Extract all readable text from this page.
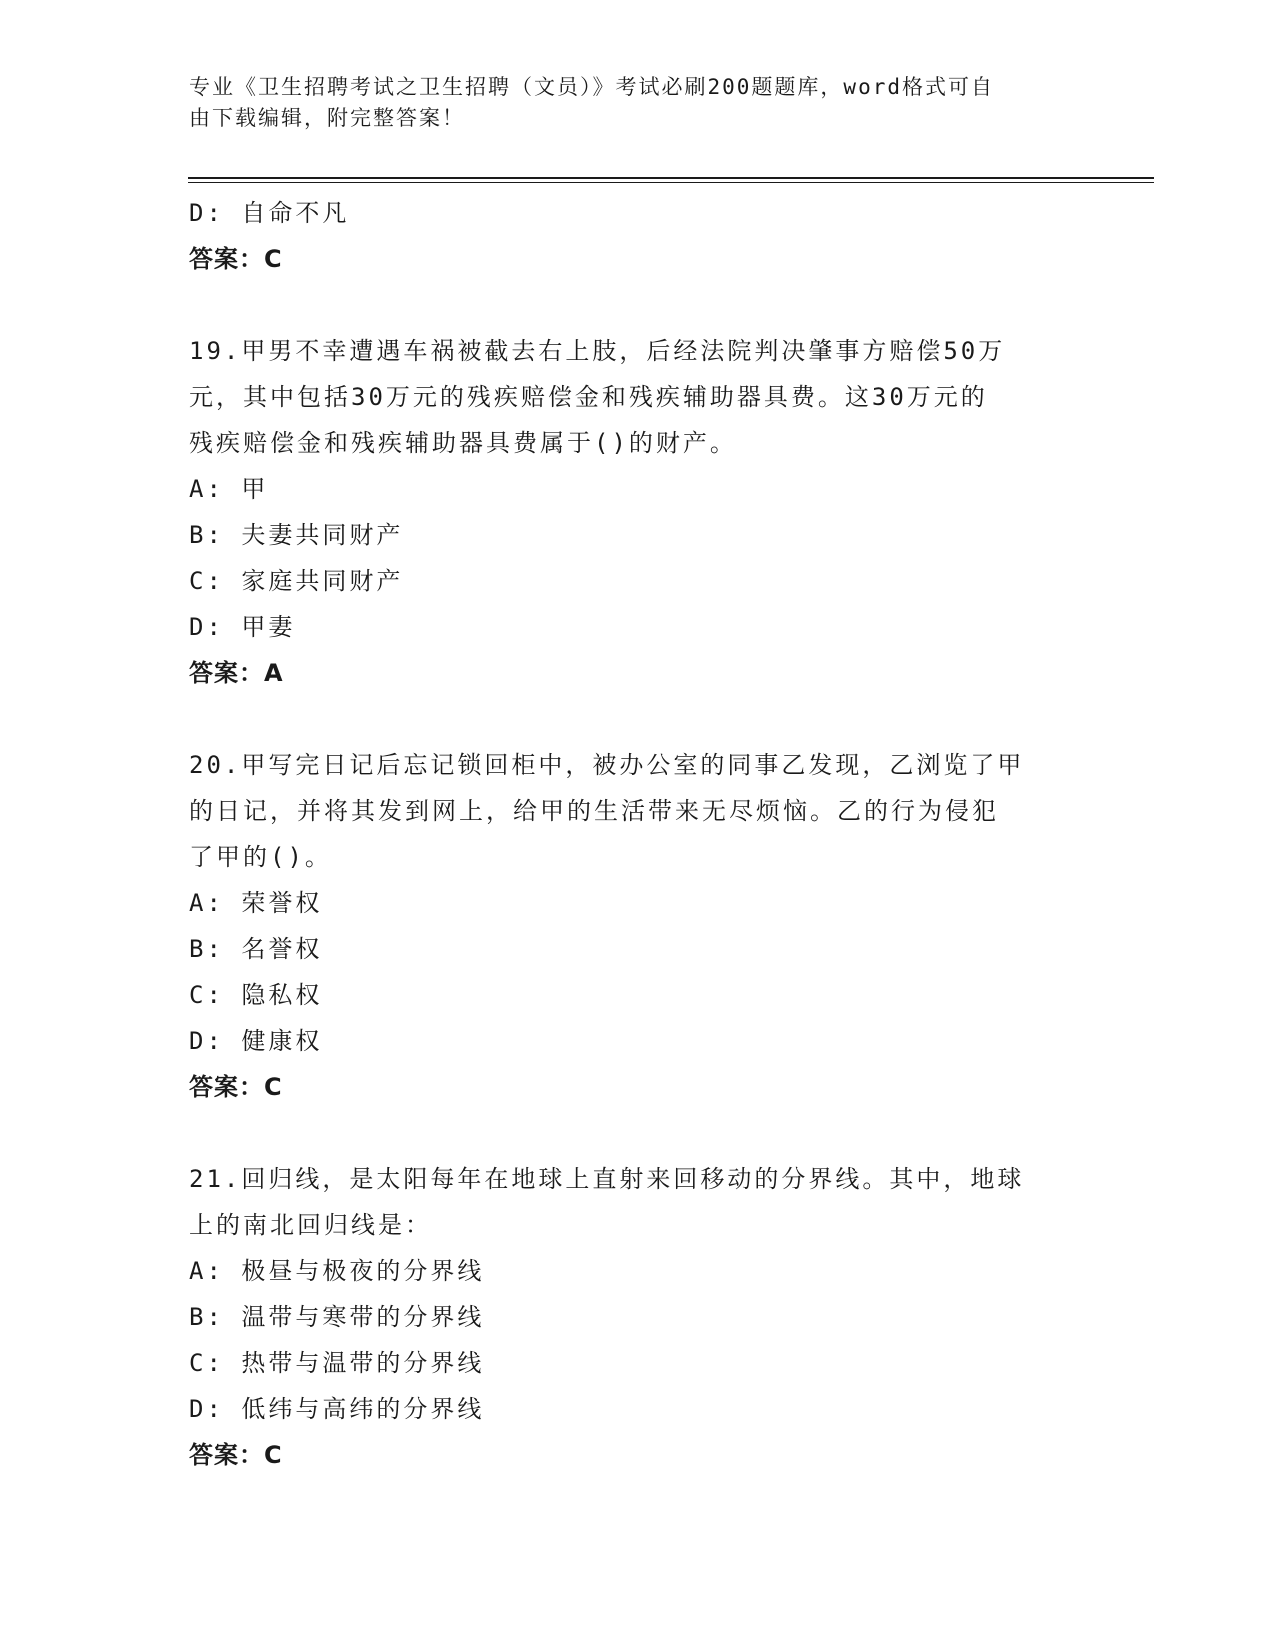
专业《卫生招聘考试之卫生招聘（文员）》考试必刷200题题库，word格式可自
由下载编辑，附完整答案！
D: 自命不凡
答案：C
19.甲男不幸遭遇车祸被截去右上肢，后经法院判决肇事方赔偿50万
元，其中包括30万元的残疾赔偿金和残疾辅助器具费。这30万元的
残疾赔偿金和残疾辅助器具费属于()的财产。
A: 甲
B: 夫妻共同财产
C: 家庭共同财产
D: 甲妻
答案：A
20.甲写完日记后忘记锁回柜中，被办公室的同事乙发现，乙浏览了甲
的日记，并将其发到网上，给甲的生活带来无尽烦恼。乙的行为侵犯
了甲的()。
A: 荣誉权
B: 名誉权
C: 隐私权
D: 健康权
答案：C
21.回归线，是太阳每年在地球上直射来回移动的分界线。其中，地球
上的南北回归线是：
A: 极昼与极夜的分界线
B: 温带与寒带的分界线
C: 热带与温带的分界线
D: 低纬与高纬的分界线
答案：C
